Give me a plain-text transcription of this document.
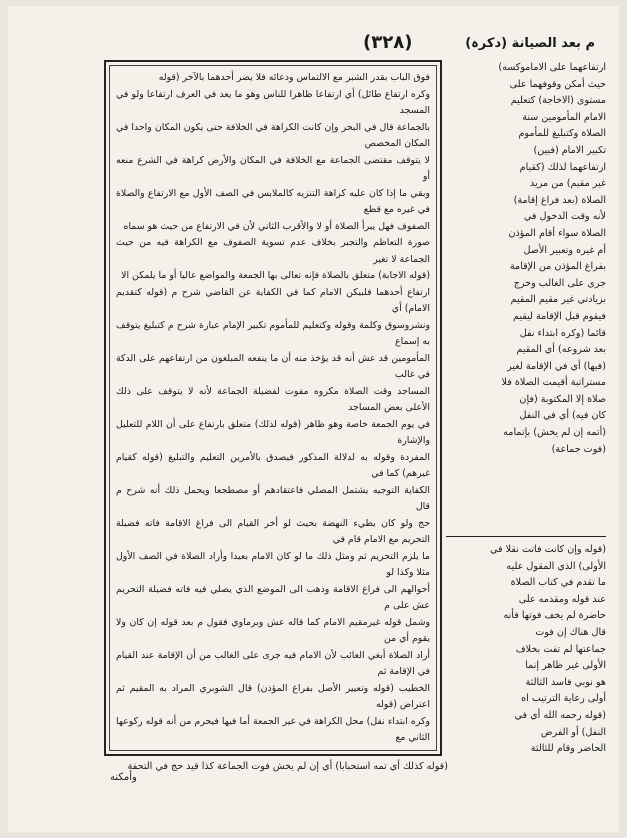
م بعد الصيانة (دكرہ)
(۳۲۸)

فوق الباب بقدر الشبر مع الالتماس ودعائه فلا يضر أحدهما بالآخر (قوله

وكره ارتفاع طائل) أي ارتفاعا ظاهرا للناس وهو ما يعد في العرف ارتفاعا ولو في المسجد

بالجماعة قال في البحر وإن كانت الكراهة في الخلافة حتى يكون المكان واحدا في المكان المخصص

لا يتوقف مقتضى الجماعة مع الخلافة في المكان والأرض كراهة في الشرع منعه أو

وبقي ما إذا كان عليه كراهة التنزيه كالملابس في الصف الأول مع الارتفاع والصلاة في غيره مع قطع

الصفوف فهل يبرأ الصلاة أو لا والأقرب الثاني لأن في الارتفاع من حيث هو سماه

صورة التعاظم والتجبر بخلاف عدم تسوية الصفوف مع الكراهة فيه من حيث الجماعة لا تغير

(قوله الاجابة) متعلق بالصلاة فإنه تعالى بها الجمعة والمواضع عاليا أو ما يلمكن الا

ارتفاع أحدهما فلبيكن الامام كما في الكفاية عن القاضي شرح م (قوله كتقديم الامام) أي

ونشروسوق وكلمة وقوله وكتعليم للمأموم تكبير الإمام عبارة شرح م كتبليغ يتوقف به إسماع

المأمومين قد عش أنه قد يؤخذ منه أن ما ينفعه المبلغون من ارتفاعهم على الدكة في غالب

المساجد وقت الصلاة مكروه مفوت لفضيلة الجماعة لأنه لا يتوقف على ذلك الأعلى بعض المساجد

في يوم الجمعة خاصة وهو ظاهر (قوله لذلك) متعلق بارتفاع على أن اللام للتعليل والإشارة

المفردة وقوله به لدلالة المذكور فيصدق بالأمرين التعليم والتبليغ (قوله كقيام غيرهم) كما في

الكفاية التوجيه يشتمل المصلي فاعتقادهم أو مصطجعا ويحمل ذلك أنه شرح م قال

حج ولو كان بطيء النهضة بحيث لو أخر القيام الى فراغ الاقامة فاته فضيلة التحريم مع الامام قام في

ما يلزم التحريم ثم ومثل ذلك ما لو كان الامام بعيدا وأراد الصلاة في الصف الأول مثلا وكذا لو

أحوالهم الى فراغ الاقامة وذهب الى الموضع الذي يصلي فيه فاته فضيلة التحريم عش على م

وشمل قوله غيرمقيم الامام كما قاله عش وبرماوي فقول م بعد قوله إن كان ولا يقوم أي من

أراد الصلاة أبغي الغائب لأن الامام فيه جرى على الغالب من أن الإقامة عند القيام في الإقامة ثم

الخطيب (قوله وتعيير الأصل بفراغ المؤذن) قال الشوبري المراد به المقيم ثم اعتراض (قوله

وكره ابتداء نفل) محل الكراهة في غير الجمعة أما فيها فيحرم من أنه قوله ركوعها الثاني مع

ارتفاعهما على الاماموكسه)

حيث أمكن وقوفهما على

مستوى (الاخاجة) كتعليم

الامام المأمومين سنة

الصلاة وكتبليغ للمأموم

تكبير الامام (فبين)

ارتفاعهما لذلك (كقيام

غير مقيم) من مريد

الصلاة (بعد فراغ إقامة)

لأنه وقت الدخول في

الصلاة سواء أقام المؤذن

أم غيره وتعبير الأصل

بفراغ المؤذن من الإقامة

جرى على الغالب وخرج

بزيادتي غير مقيم المقيم

فيقوم قبل الإقامة ليقيم

قائما (وكره ابتداء نفل

بعد شروعه) أي المقيم

(فيها) أي في الإقامة لغير

مستراتبة أقيمت الصلاة فلا

صلاة إلا المكتوبة (فإن

كان فيه) أي في النفل

(أتمه إن لم يخش) بإتمامه

(فوت جماعة)

(قوله وإن كانت فاتت نقلا في

الأولى) الذي المقول عليه

ما تقدم في كتاب الصلاة

عند قوله ومقدمه على

حاضرة لم يخف فوتها فأنه

قال هناك إن فوت

جماعتها لم تفت بخلاف

الأولى غير ظاهر إنما

هو نوبي فاسد الثالثة

أولى رعاية الترتيب اه

(قوله رحمه الله أي في

النفل) أو الفرض

الحاضر وقام للثالثة

(قوله كذلك أي تمه استحبابا) أي إن لم يخش فوت الجماعة كذا قيد حج في التحفة
وأمكنه
